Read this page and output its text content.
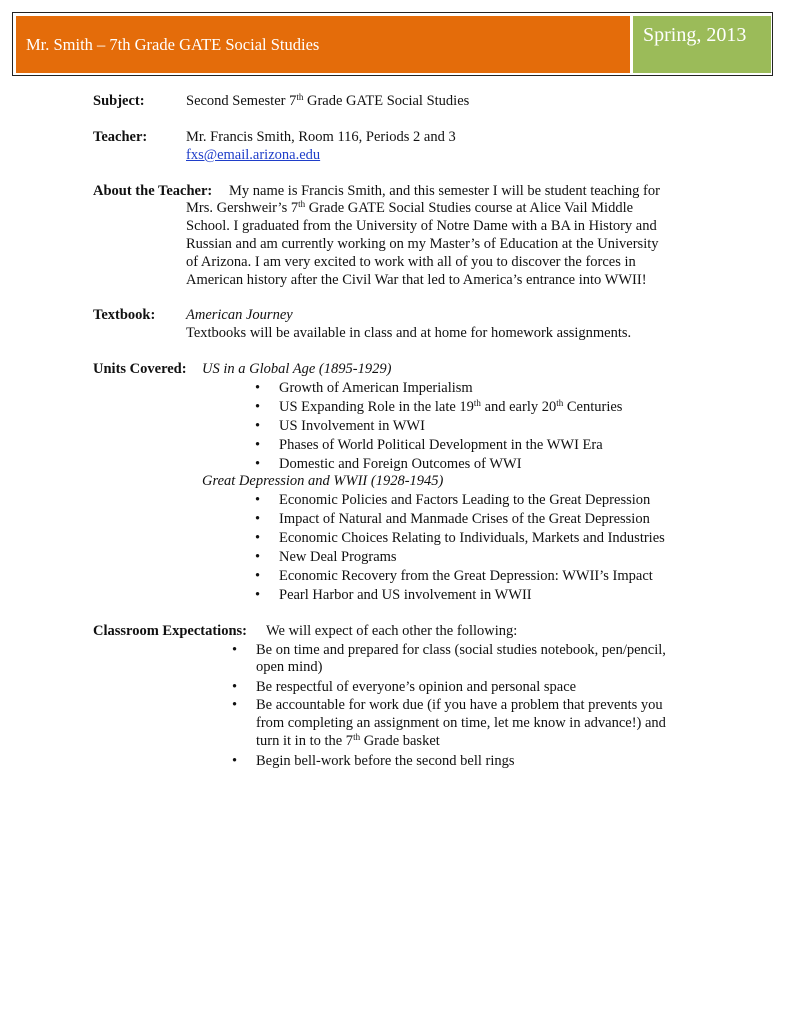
Mr. Smith – 7th Grade GATE Social Studies	Spring, 2013
Subject:	Second Semester 7th Grade GATE Social Studies
Teacher:	Mr. Francis Smith, Room 116, Periods 2 and 3
fxs@email.arizona.edu
About the Teacher: My name is Francis Smith, and this semester I will be student teaching for
Mrs. Gershweir’s 7th Grade GATE Social Studies course at Alice Vail Middle
School. I graduated from the University of Notre Dame with a BA in History and
Russian and am currently working on my Master’s of Education at the University
of Arizona. I am very excited to work with all of you to discover the forces in
American history after the Civil War that led to America’s entrance into WWII!
Textbook: American Journey
Textbooks will be available in class and at home for homework assignments.
Units Covered: US in a Global Age (1895-1929)
• Growth of American Imperialism
• US Expanding Role in the late 19th and early 20th Centuries
• US Involvement in WWI
• Phases of World Political Development in the WWI Era
• Domestic and Foreign Outcomes of WWI
Great Depression and WWII (1928-1945)
• Economic Policies and Factors Leading to the Great Depression
• Impact of Natural and Manmade Crises of the Great Depression
• Economic Choices Relating to Individuals, Markets and Industries
• New Deal Programs
• Economic Recovery from the Great Depression: WWII’s Impact
• Pearl Harbor and US involvement in WWII
Classroom Expectations: We will expect of each other the following:
• Be on time and prepared for class (social studies notebook, pen/pencil,
open mind)
• Be respectful of everyone’s opinion and personal space
• Be accountable for work due (if you have a problem that prevents you
from completing an assignment on time, let me know in advance!) and
turn it in to the 7th Grade basket
• Begin bell-work before the second bell rings
